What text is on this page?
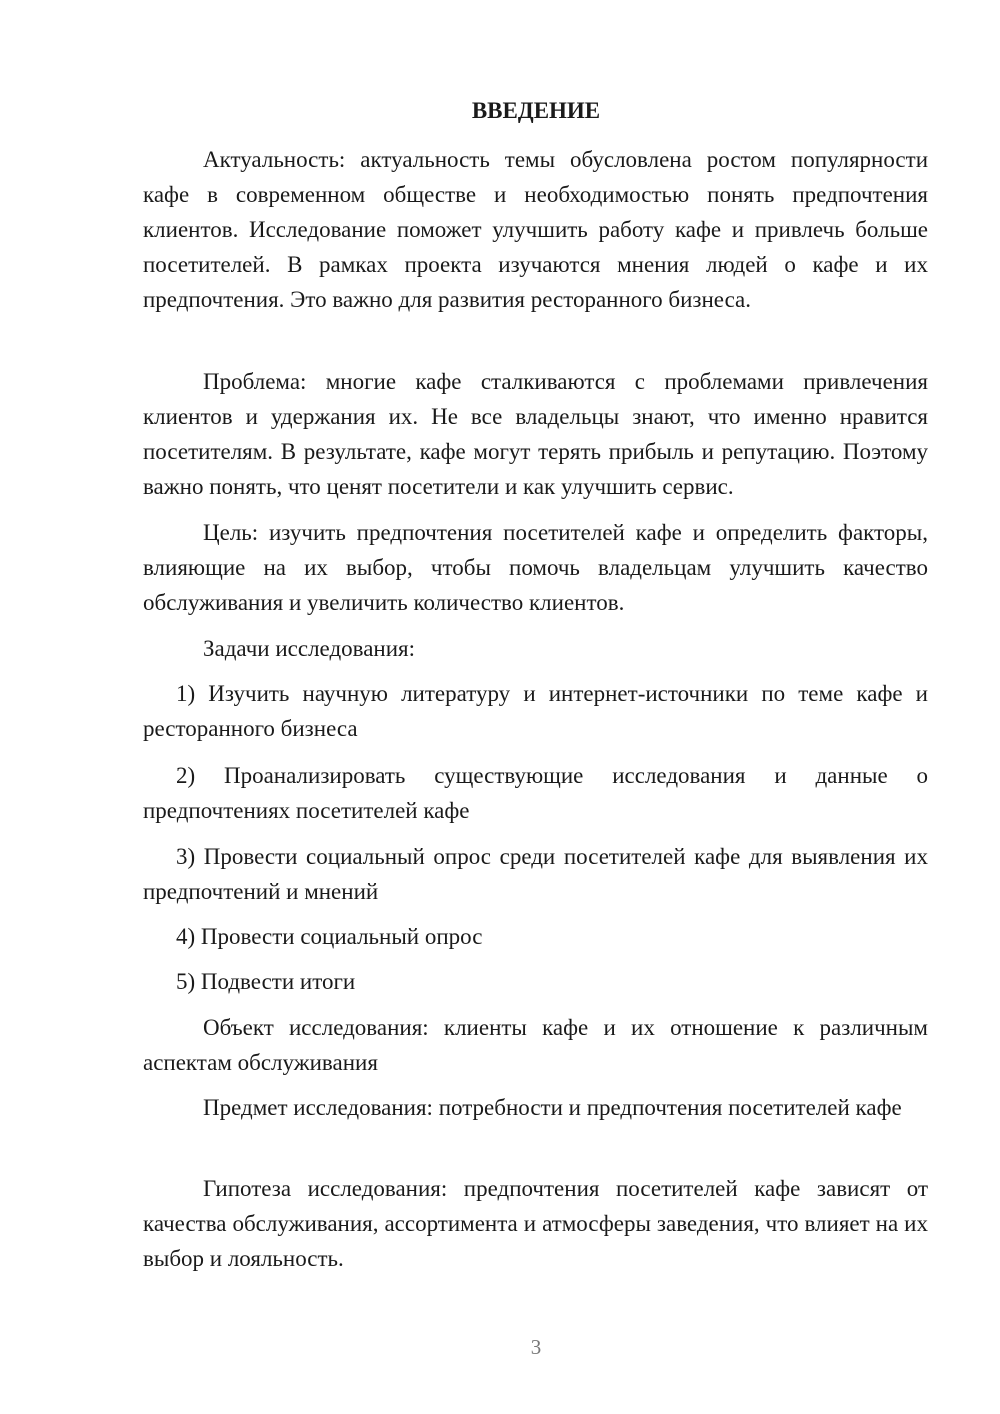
ВВЕДЕНИЕ

Актуальность: актуальность темы обусловлена ростом популярности кафе в современном обществе и необходимостью понять предпочтения клиентов. Исследование поможет улучшить работу кафе и привлечь больше посетителей. В рамках проекта изучаются мнения людей о кафе и их предпочтения. Это важно для развития ресторанного бизнеса.

Проблема: многие кафе сталкиваются с проблемами привлечения клиентов и удержания их. Не все владельцы знают, что именно нравится посетителям. В результате, кафе могут терять прибыль и репутацию. Поэтому важно понять, что ценят посетители и как улучшить сервис.

Цель: изучить предпочтения посетителей кафе и определить факторы, влияющие на их выбор, чтобы помочь владельцам улучшить качество обслуживания и увеличить количество клиентов.

Задачи исследования:

1) Изучить научную литературу и интернет-источники по теме кафе и ресторанного бизнеса

2) Проанализировать существующие исследования и данные о предпочтениях посетителей кафе

3) Провести социальный опрос среди посетителей кафе для выявления их предпочтений и мнений

4) Провести социальный опрос

5) Подвести итоги

Объект исследования: клиенты кафе и их отношение к различным аспектам обслуживания

Предмет исследования: потребности и предпочтения посетителей кафе

Гипотеза исследования: предпочтения посетителей кафе зависят от качества обслуживания, ассортимента и атмосферы заведения, что влияет на их выбор и лояльность.

3
